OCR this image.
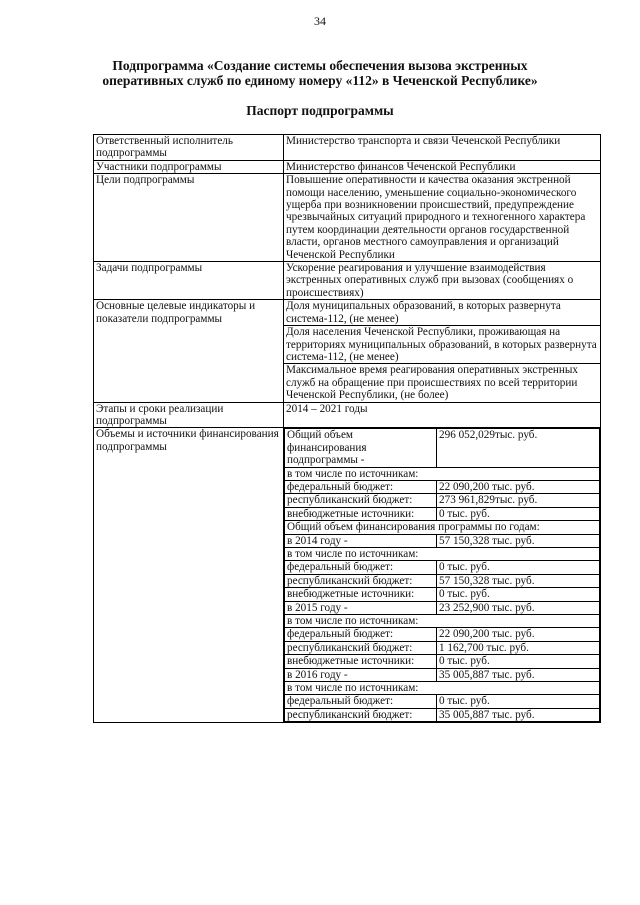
34
Подпрограмма «Создание системы обеспечения вызова экстренных
оперативных служб по единому номеру «112» в Чеченской Республике»
Паспорт подпрограммы
Ответственный исполнитель подпрограммы	Министерство транспорта и связи Чеченской Республики
Участники подпрограммы	Министерство финансов Чеченской Республики
Цели подпрограммы	Повышение оперативности и качества оказания экстренной помощи населению, уменьшение социально-экономического ущерба при возникновении происшествий, предупреждение чрезвычайных ситуаций природного и техногенного характера путем координации деятельности органов государственной власти, органов местного самоуправления и организаций Чеченской Республики
Задачи подпрограммы	Ускорение реагирования и улучшение взаимодействия экстренных оперативных служб при вызовах (сообщениях о происшествиях)
Основные целевые индикаторы и показатели подпрограммы	Доля муниципальных образований, в которых развернута система-112, (не менее)
Доля населения Чеченской Республики, проживающая на территориях муниципальных образований, в которых развернута система-112, (не менее)
Максимальное время реагирования оперативных экстренных служб на обращение при происшествиях по всей территории Чеченской Республики, (не более)
Этапы и сроки реализации подпрограммы	2014 – 2021 годы
Объемы и источники финансирования подпрограммы	
Общий объем финансирования подпрограммы -	296 052,029тыс. руб.
в том числе по источникам:
федеральный бюджет:	22 090,200 тыс. руб.
республиканский бюджет:	273 961,829тыс. руб.
внебюджетные источники:	0 тыс. руб.
Общий объем финансирования программы по годам:
в 2014 году -	57 150,328 тыс. руб.
в том числе по источникам:
федеральный бюджет:	0 тыс. руб.
республиканский бюджет:	57 150,328 тыс. руб.
внебюджетные источники:	0 тыс. руб.
в 2015 году -	23 252,900 тыс. руб.
в том числе по источникам:
федеральный бюджет:	22 090,200 тыс. руб.
республиканский бюджет:	1 162,700 тыс. руб.
внебюджетные источники:	0 тыс. руб.
в 2016 году -	35 005,887 тыс. руб.
в том числе по источникам:
федеральный бюджет:	0 тыс. руб.
республиканский бюджет:	35 005,887 тыс. руб.
